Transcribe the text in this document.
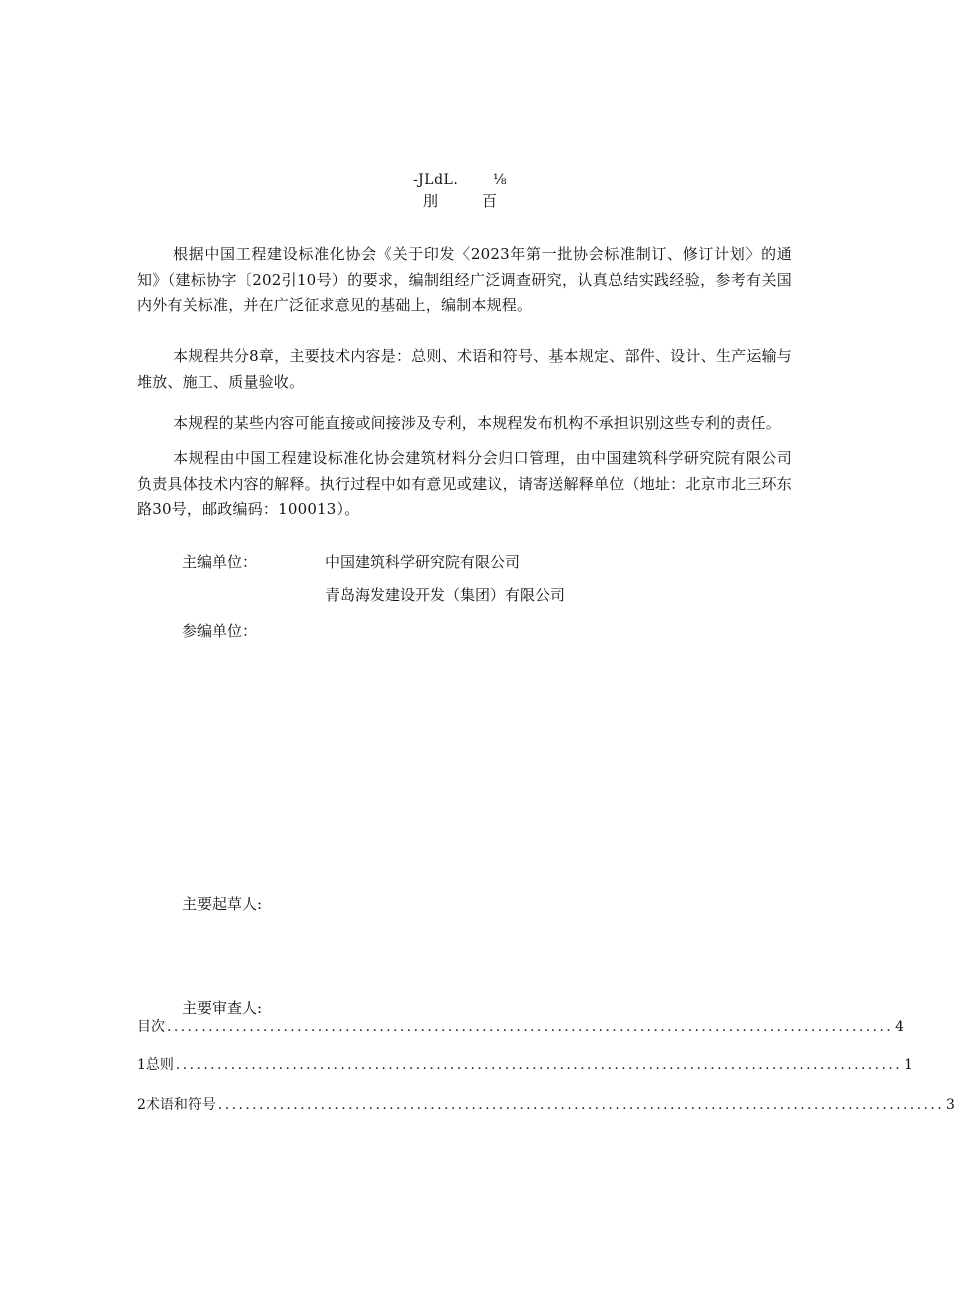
-JLdL. ⅛
刖	百
根据中国工程建设标准化协会《关于印发〈2023年第一批协会标准制订、修订计划〉的通知》（建标协字〔202引10号）的要求，编制组经广泛调查研究，认真总结实践经验，参考有关国内外有关标准，并在广泛征求意见的基础上，编制本规程。
本规程共分8章，主要技术内容是：总则、术语和符号、基本规定、部件、设计、生产运输与堆放、施工、质量验收。
本规程的某些内容可能直接或间接涉及专利，本规程发布机构不承担识别这些专利的责任。
本规程由中国工程建设标准化协会建筑材料分会归口管理，由中国建筑科学研究院有限公司负责具体技术内容的解释。执行过程中如有意见或建议，请寄送解释单位（地址：北京市北三环东路30号，邮政编码：100013）。
主编单位：	中国建筑科学研究院有限公司
青岛海发建设开发（集团）有限公司
参编单位：
主要起草人:
主要审查人:
目次 .......................................................................................................... 4
1 总则 .......................................................................................................... 1
2 术语和符号 .......................................................................................................... 3
